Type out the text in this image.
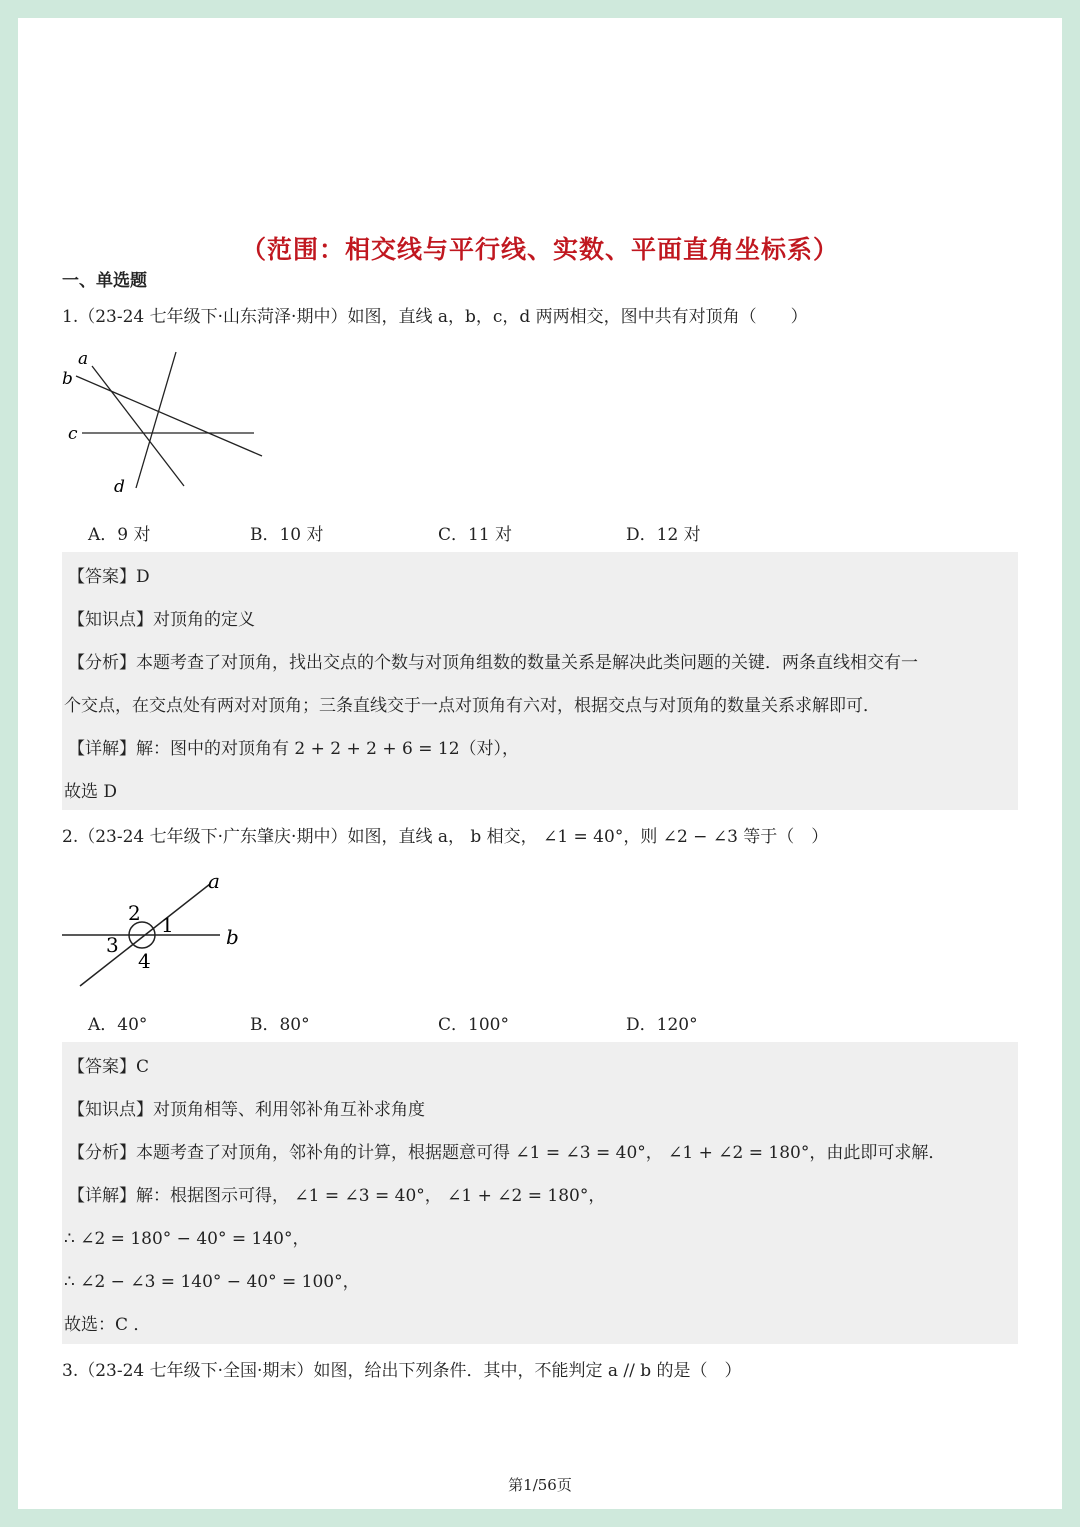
（范围：相交线与平行线、实数、平面直角坐标系）
一、单选题
1.（23-24 七年级下·山东菏泽·期中）如图，直线 a，b，c，d 两两相交，图中共有对顶角（　　）
a
b
c
d
A．9 对	B．10 对	C．11 对	D．12 对
【答案】D
【知识点】对顶角的定义
【分析】本题考查了对顶角，找出交点的个数与对顶角组数的数量关系是解决此类问题的关键．两条直线相交有一
个交点，在交点处有两对对顶角；三条直线交于一点对顶角有六对，根据交点与对顶角的数量关系求解即可．
【详解】解：图中的对顶角有 2 + 2 + 2 + 6 = 12（对），
故选 D
2.（23-24 七年级下·广东肇庆·期中）如图，直线 a， b 相交， ∠1 = 40°，则 ∠2 − ∠3 等于（　）
a
b
1
2
3
4
A．40°	B．80°	C．100°	D．120°
【答案】C
【知识点】对顶角相等、利用邻补角互补求角度
【分析】本题考查了对顶角，邻补角的计算，根据题意可得 ∠1 = ∠3 = 40°， ∠1 + ∠2 = 180°，由此即可求解．
【详解】解：根据图示可得， ∠1 = ∠3 = 40°， ∠1 + ∠2 = 180°，
∴ ∠2 = 180° − 40° = 140°，
∴ ∠2 − ∠3 = 140° − 40° = 100°，
故选：C ．
3.（23-24 七年级下·全国·期末）如图，给出下列条件．其中，不能判定 a // b 的是（　）
第1/56页
